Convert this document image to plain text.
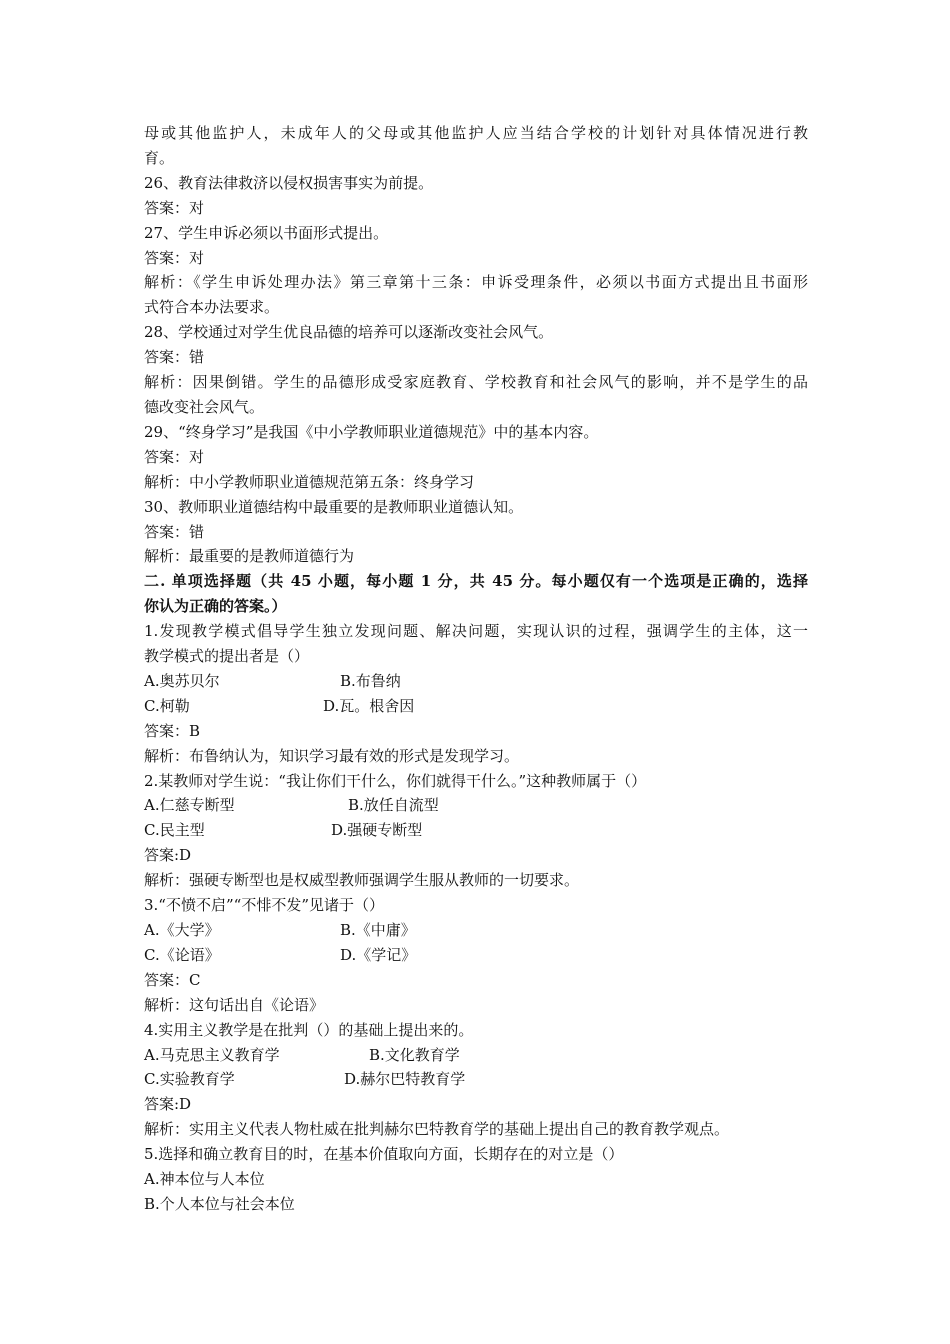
母或其他监护人，未成年人的父母或其他监护人应当结合学校的计划针对具体情况进行教
育。
26、教育法律救济以侵权损害事实为前提。
答案：对
27、学生申诉必须以书面形式提出。
答案：对
解析：《学生申诉处理办法》第三章第十三条：申诉受理条件，必须以书面方式提出且书面形
式符合本办法要求。
28、学校通过对学生优良品德的培养可以逐渐改变社会风气。
答案：错
解析：因果倒错。学生的品德形成受家庭教育、学校教育和社会风气的影响，并不是学生的品
德改变社会风气。
29、“终身学习”是我国《中小学教师职业道德规范》中的基本内容。
答案：对
解析：中小学教师职业道德规范第五条：终身学习
30、教师职业道德结构中最重要的是教师职业道德认知。
答案：错
解析：最重要的是教师道德行为
二. 单项选择题（共 45 小题，每小题 1 分，共 45 分。每小题仅有一个选项是正确的，选择
你认为正确的答案。）
1.发现教学模式倡导学生独立发现问题、解决问题，实现认识的过程，强调学生的主体，这一
教学模式的提出者是（）
A.奥苏贝尔	B.布鲁纳
C.柯勒	D.瓦。根舍因
答案：B
解析：布鲁纳认为，知识学习最有效的形式是发现学习。
2.某教师对学生说：“我让你们干什么，你们就得干什么。”这种教师属于（）
A.仁慈专断型	B.放任自流型
C.民主型	D.强硬专断型
答案:D
解析：强硬专断型也是权威型教师强调学生服从教师的一切要求。
3.“不愤不启”“不悱不发”见诸于（）
A.《大学》	B.《中庸》
C.《论语》	D.《学记》
答案：C
解析：这句话出自《论语》
4.实用主义教学是在批判（）的基础上提出来的。
A.马克思主义教育学	B.文化教育学
C.实验教育学	D.赫尔巴特教育学
答案:D
解析：实用主义代表人物杜威在批判赫尔巴特教育学的基础上提出自己的教育教学观点。
5.选择和确立教育目的时，在基本价值取向方面，长期存在的对立是（）
A.神本位与人本位
B.个人本位与社会本位
